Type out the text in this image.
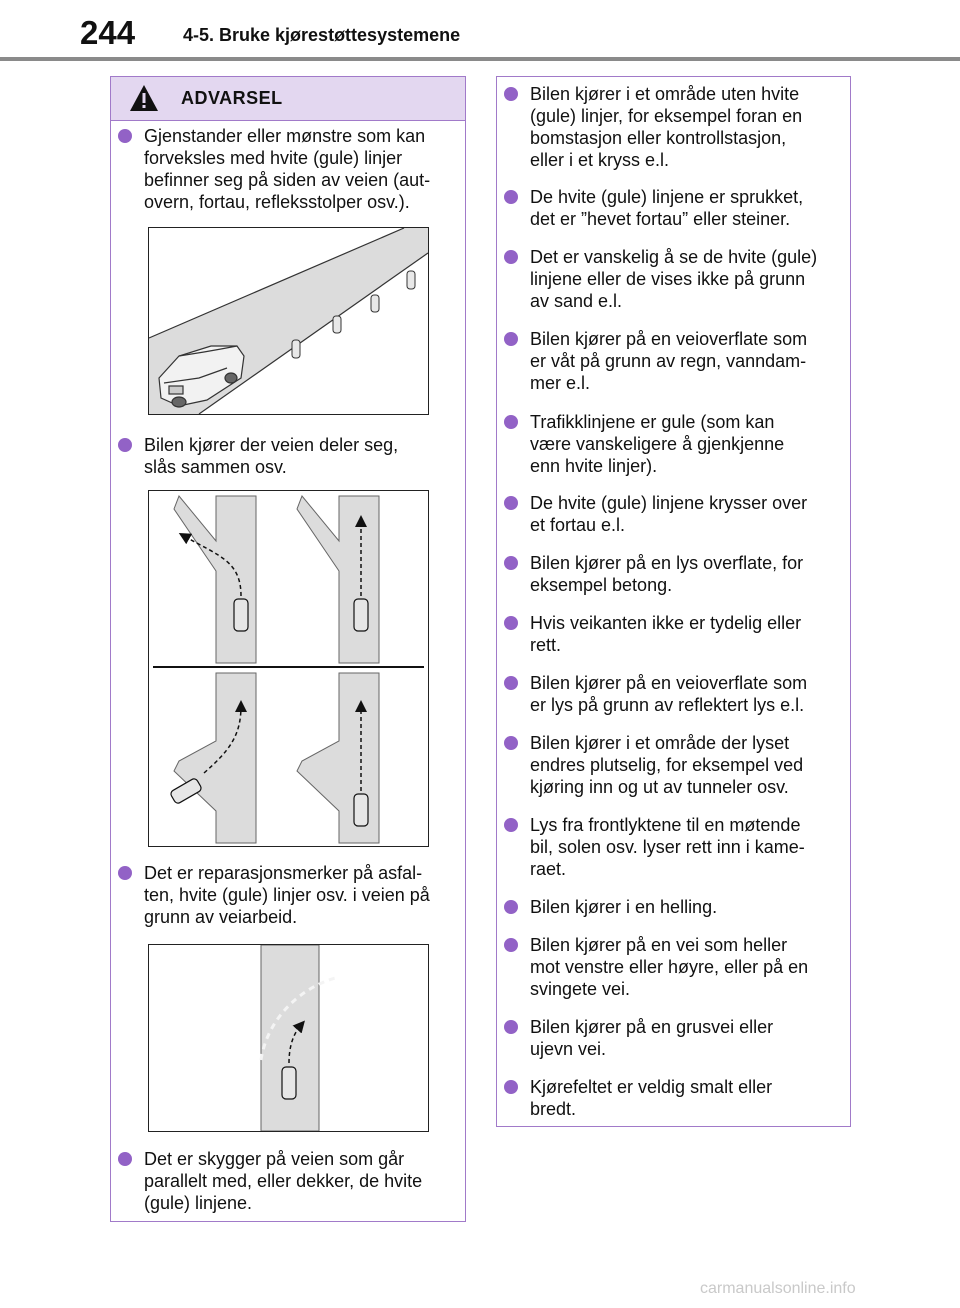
244	4-5. Bruke kjørestøttesystemene
ADVARSEL
Gjenstander eller mønstre som kan
forveksles med hvite (gule) linjer
befinner seg på siden av veien (aut-
overn, fortau, refleksstolper osv.).
Bilen kjører der veien deler seg,
slås sammen osv.
Det er reparasjonsmerker på asfal-
ten, hvite (gule) linjer osv. i veien på
grunn av veiarbeid.
Det er skygger på veien som går
parallelt med, eller dekker, de hvite
(gule) linjene.
Bilen kjører i et område uten hvite
(gule) linjer, for eksempel foran en
bomstasjon eller kontrollstasjon,
eller i et kryss e.l.
De hvite (gule) linjene er sprukket,
det er ”hevet fortau” eller steiner.
Det er vanskelig å se de hvite (gule)
linjene eller de vises ikke på grunn
av sand e.l.
Bilen kjører på en veioverflate som
er våt på grunn av regn, vanndam-
mer e.l.
Trafikklinjene er gule (som kan
være vanskeligere å gjenkjenne
enn hvite linjer).
De hvite (gule) linjene krysser over
et fortau e.l.
Bilen kjører på en lys overflate, for
eksempel betong.
Hvis veikanten ikke er tydelig eller
rett.
Bilen kjører på en veioverflate som
er lys på grunn av reflektert lys e.l.
Bilen kjører i et område der lyset
endres plutselig, for eksempel ved
kjøring inn og ut av tunneler osv.
Lys fra frontlyktene til en møtende
bil, solen osv. lyser rett inn i kame-
raet.
Bilen kjører i en helling.
Bilen kjører på en vei som heller
mot venstre eller høyre, eller på en
svingete vei.
Bilen kjører på en grusvei eller
ujevn vei.
Kjørefeltet er veldig smalt eller
bredt.
carmanualsonline.info
